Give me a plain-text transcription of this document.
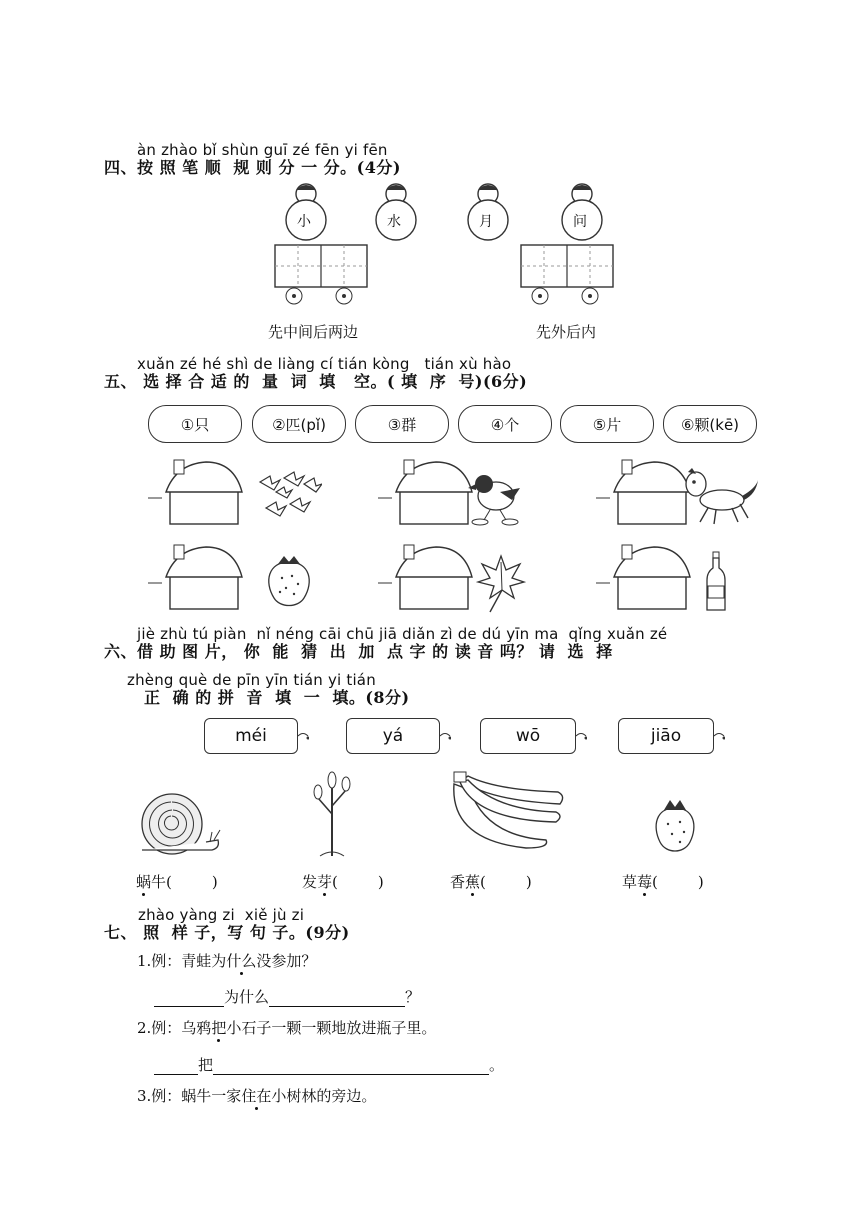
àn zhào bǐ shùn guī zé fēn yi fēn
四、按 照 笔 顺  规 则 分 一 分。(4分)
小	水	月	问
先中间后两边	先外后内
xuǎn zé hé shì de liàng cí tián kòng   tián xù hào
五、 选 择 合 适 的  量  词  填   空。( 填  序  号)(6分)
①只	②匹(pǐ)	③群	④个	⑤片	⑥颗(kē)
jiè zhù tú piàn  nǐ néng cāi chū jiā diǎn zì de dú yīn ma  qǐng xuǎn zé
六、借 助 图 片， 你  能  猜  出  加  点 字 的 读 音 吗？ 请  选  择
zhèng què de pīn yīn tián yi tián
正  确 的 拼  音  填  一  填。(8分)
méi	yá	wō	jiāo
蜗牛(	)	发芽(	)	香蕉(	)	草莓(	)
zhào yàng zi  xiě jù zi
七、 照  样 子，写 句 子。(9分)
1.例：青蛙为什么没参加？
为什么	？
2.例：乌鸦把小石子一颗一颗地放进瓶子里。
把	。
3.例：蜗牛一家住在小树林的旁边。
